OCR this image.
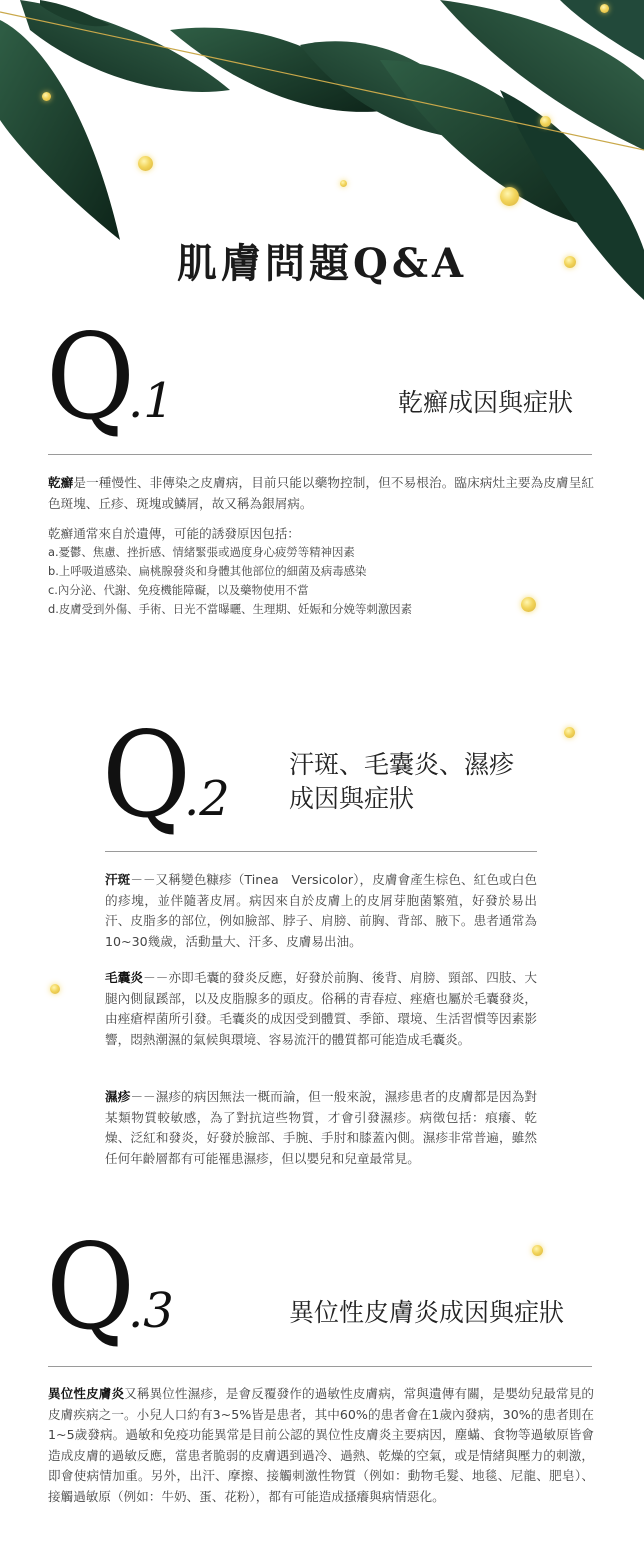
肌膚問題Q&A
Q
.1	乾癬成因與症狀

乾癬是一種慢性、非傳染之皮膚病，目前只能以藥物控制，但不易根治。臨床病灶主要為皮膚呈紅色斑塊、丘疹、斑塊或鱗屑，故又稱為銀屑病。

乾癬通常來自於遺傳，可能的誘發原因包括：
a.憂鬱、焦慮、挫折感、情緒緊張或過度身心疲勞等精神因素
b.上呼吸道感染、扁桃腺發炎和身體其他部位的細菌及病毒感染
c.內分泌、代謝、免疫機能障礙，以及藥物使用不當
d.皮膚受到外傷、手術、日光不當曝曬、生理期、妊娠和分娩等刺激因素
Q
.2
汗斑、毛囊炎、濕疹
成因與症狀

汗斑－－又稱變色糠疹（Tinea　Versicolor），皮膚會產生棕色、紅色或白色的疹塊，並伴隨著皮屑。病因來自於皮膚上的皮屑芽胞菌繁殖，好發於易出汗、皮脂多的部位，例如臉部、脖子、肩膀、前胸、背部、腋下。患者通常為10~30幾歲，活動量大、汗多、皮膚易出油。

毛囊炎－－亦即毛囊的發炎反應，好發於前胸、後背、肩膀、頸部、四肢、大腿內側鼠蹊部，以及皮脂腺多的頭皮。俗稱的青春痘、痤瘡也屬於毛囊發炎，由痤瘡桿菌所引發。毛囊炎的成因受到體質、季節、環境、生活習慣等因素影響，悶熱潮濕的氣候與環境、容易流汗的體質都可能造成毛囊炎。

濕疹－－濕疹的病因無法一概而論，但一般來說，濕疹患者的皮膚都是因為對某類物質較敏感，為了對抗這些物質，才會引發濕疹。病徵包括：痕癢、乾燥、泛紅和發炎，好發於臉部、手腕、手肘和膝蓋內側。濕疹非常普遍，雖然任何年齡層都有可能罹患濕疹，但以嬰兒和兒童最常見。

Q
.3	異位性皮膚炎成因與症狀

異位性皮膚炎又稱異位性濕疹，是會反覆發作的過敏性皮膚病，常與遺傳有關，是嬰幼兒最常見的皮膚疾病之一。小兒人口約有3~5%皆是患者，其中60%的患者會在1歲內發病，30%的患者則在1~5歲發病。過敏和免疫功能異常是目前公認的異位性皮膚炎主要病因，塵蟎、食物等過敏原皆會造成皮膚的過敏反應，當患者脆弱的皮膚遇到過冷、過熱、乾燥的空氣，或是情緒與壓力的刺激，即會使病情加重。另外，出汗、摩擦、接觸刺激性物質（例如：動物毛髮、地毯、尼龍、肥皂）、接觸過敏原（例如：牛奶、蛋、花粉），都有可能造成搔癢與病情惡化。
